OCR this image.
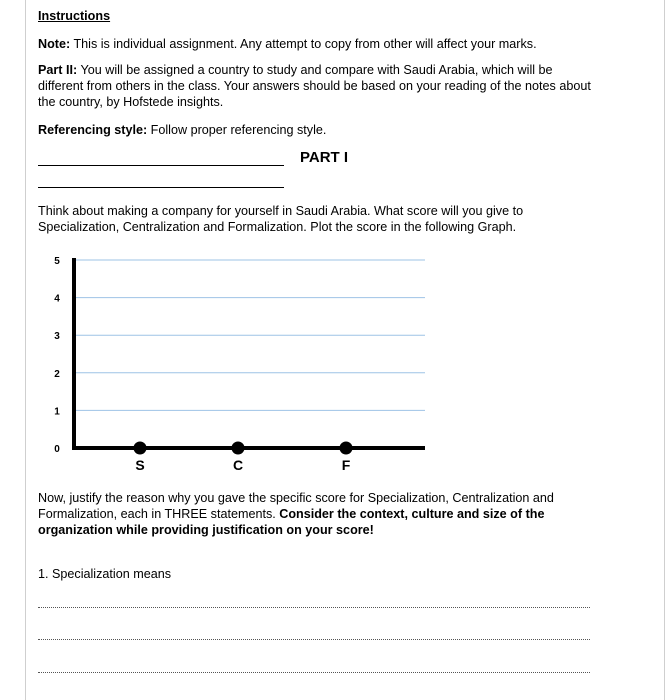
Instructions

Note: This is individual assignment. Any attempt to copy from other will affect your marks.

Part II: You will be assigned a country to study and compare with Saudi Arabia, which will be different from others in the class. Your answers should be based on your reading of the notes about the country, by Hofstede insights.

Referencing style: Follow proper referencing style.

PART I

Think about making a company for yourself in Saudi Arabia. What score will you give to Specialization, Centralization and Formalization. Plot the score in the following Graph.

0
1
2
3
4
5
S	C	F

Now, justify the reason why you gave the specific score for Specialization, Centralization and Formalization, each in THREE statements. Consider the context, culture and size of the organization while providing justification on your score!

1. Specialization means
